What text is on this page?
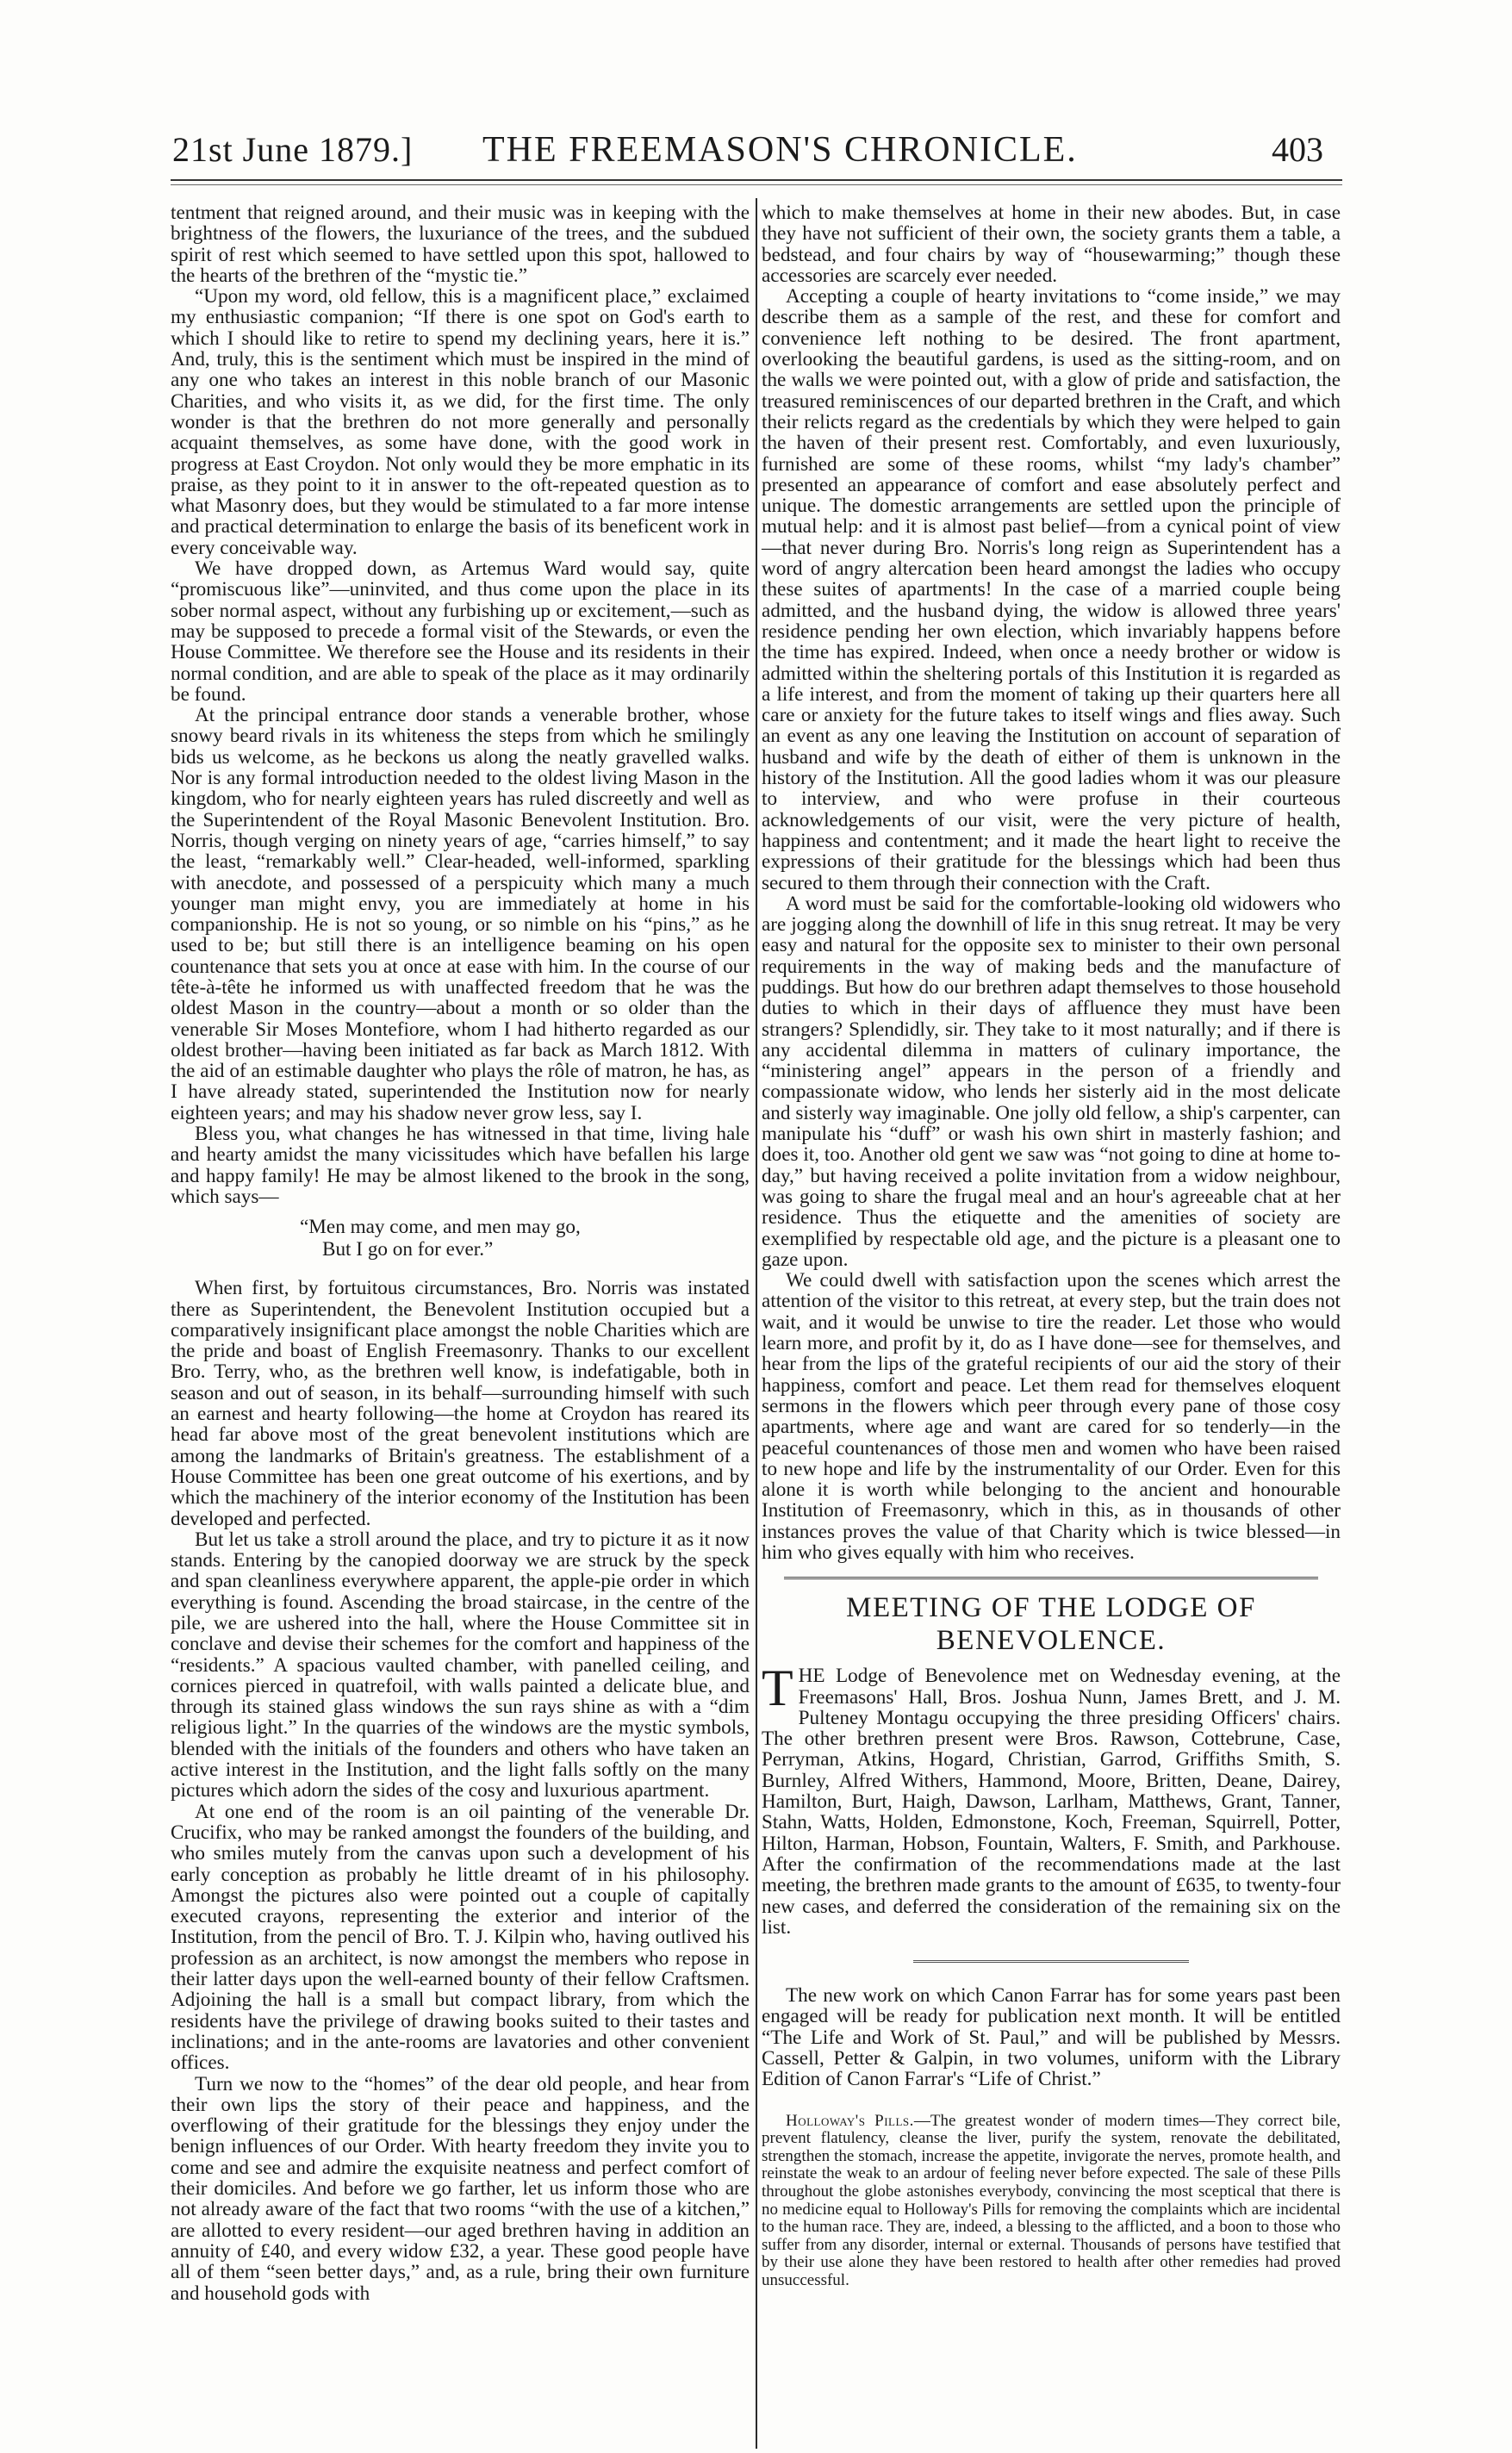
21st June 1879.] THE FREEMASON'S CHRONICLE.	403

tentment that reigned around, and their music was in keeping with the brightness of the flowers, the luxuriance of the trees, and the subdued spirit of rest which seemed to have settled upon this spot, hallowed to the hearts of the brethren of the “mystic tie.”

“Upon my word, old fellow, this is a magnificent place,” exclaimed my enthusiastic companion; “If there is one spot on God's earth to which I should like to retire to spend my declining years, here it is.” And, truly, this is the sentiment which must be inspired in the mind of any one who takes an interest in this noble branch of our Masonic Charities, and who visits it, as we did, for the first time. The only wonder is that the brethren do not more generally and personally acquaint themselves, as some have done, with the good work in progress at East Croydon. Not only would they be more emphatic in its praise, as they point to it in answer to the oft-repeated question as to what Masonry does, but they would be stimulated to a far more intense and practical determination to enlarge the basis of its beneficent work in every conceivable way.

We have dropped down, as Artemus Ward would say, quite “promiscuous like”—uninvited, and thus come upon the place in its sober normal aspect, without any furbishing up or excitement,—such as may be supposed to precede a formal visit of the Stewards, or even the House Committee. We therefore see the House and its residents in their normal condition, and are able to speak of the place as it may ordinarily be found.

At the principal entrance door stands a venerable brother, whose snowy beard rivals in its whiteness the steps from which he smilingly bids us welcome, as he beckons us along the neatly gravelled walks. Nor is any formal introduction needed to the oldest living Mason in the kingdom, who for nearly eighteen years has ruled discreetly and well as the Superintendent of the Royal Masonic Benevolent Institution. Bro. Norris, though verging on ninety years of age, “carries himself,” to say the least, “remarkably well.” Clear-headed, well-informed, sparkling with anecdote, and possessed of a perspicuity which many a much younger man might envy, you are immediately at home in his companionship. He is not so young, or so nimble on his “pins,” as he used to be; but still there is an intelligence beaming on his open countenance that sets you at once at ease with him. In the course of our tête-à-tête he informed us with unaffected freedom that he was the oldest Mason in the country—about a month or so older than the venerable Sir Moses Montefiore, whom I had hitherto regarded as our oldest brother—having been initiated as far back as March 1812. With the aid of an estimable daughter who plays the rôle of matron, he has, as I have already stated, superintended the Institution now for nearly eighteen years; and may his shadow never grow less, say I.

Bless you, what changes he has witnessed in that time, living hale and hearty amidst the many vicissitudes which have befallen his large and happy family! He may be almost likened to the brook in the song, which says—

“Men may come, and men may go,
But I go on for ever.”

When first, by fortuitous circumstances, Bro. Norris was instated there as Superintendent, the Benevolent Institution occupied but a comparatively insignificant place amongst the noble Charities which are the pride and boast of English Freemasonry. Thanks to our excellent Bro. Terry, who, as the brethren well know, is indefatigable, both in season and out of season, in its behalf—surrounding himself with such an earnest and hearty following—the home at Croydon has reared its head far above most of the great benevolent institutions which are among the landmarks of Britain's greatness. The establishment of a House Committee has been one great outcome of his exertions, and by which the machinery of the interior economy of the Institution has been developed and perfected.

But let us take a stroll around the place, and try to picture it as it now stands. Entering by the canopied doorway we are struck by the speck and span cleanliness everywhere apparent, the apple-pie order in which everything is found. Ascending the broad staircase, in the centre of the pile, we are ushered into the hall, where the House Committee sit in conclave and devise their schemes for the comfort and happiness of the “residents.” A spacious vaulted chamber, with panelled ceiling, and cornices pierced in quatrefoil, with walls painted a delicate blue, and through its stained glass windows the sun rays shine as with a “dim religious light.” In the quarries of the windows are the mystic symbols, blended with the initials of the founders and others who have taken an active interest in the Institution, and the light falls softly on the many pictures which adorn the sides of the cosy and luxurious apartment.

At one end of the room is an oil painting of the venerable Dr. Crucifix, who may be ranked amongst the founders of the building, and who smiles mutely from the canvas upon such a development of his early conception as probably he little dreamt of in his philosophy. Amongst the pictures also were pointed out a couple of capitally executed crayons, representing the exterior and interior of the Institution, from the pencil of Bro. T. J. Kilpin who, having outlived his profession as an architect, is now amongst the members who repose in their latter days upon the well-earned bounty of their fellow Craftsmen. Adjoining the hall is a small but compact library, from which the residents have the privilege of drawing books suited to their tastes and inclinations; and in the ante-rooms are lavatories and other convenient offices.

Turn we now to the “homes” of the dear old people, and hear from their own lips the story of their peace and happiness, and the overflowing of their gratitude for the blessings they enjoy under the benign influences of our Order. With hearty freedom they invite you to come and see and admire the exquisite neatness and perfect comfort of their domiciles. And before we go farther, let us inform those who are not already aware of the fact that two rooms “with the use of a kitchen,” are allotted to every resident—our aged brethren having in addition an annuity of £40, and every widow £32, a year. These good people have all of them “seen better days,” and, as a rule, bring their own furniture and household gods with

which to make themselves at home in their new abodes. But, in case they have not sufficient of their own, the society grants them a table, a bedstead, and four chairs by way of “housewarming;” though these accessories are scarcely ever needed.

Accepting a couple of hearty invitations to “come inside,” we may describe them as a sample of the rest, and these for comfort and convenience left nothing to be desired. The front apartment, overlooking the beautiful gardens, is used as the sitting-room, and on the walls we were pointed out, with a glow of pride and satisfaction, the treasured reminiscences of our departed brethren in the Craft, and which their relicts regard as the credentials by which they were helped to gain the haven of their present rest. Comfortably, and even luxuriously, furnished are some of these rooms, whilst “my lady's chamber” presented an appearance of comfort and ease absolutely perfect and unique. The domestic arrangements are settled upon the principle of mutual help: and it is almost past belief—from a cynical point of view—that never during Bro. Norris's long reign as Superintendent has a word of angry altercation been heard amongst the ladies who occupy these suites of apartments! In the case of a married couple being admitted, and the husband dying, the widow is allowed three years' residence pending her own election, which invariably happens before the time has expired. Indeed, when once a needy brother or widow is admitted within the sheltering portals of this Institution it is regarded as a life interest, and from the moment of taking up their quarters here all care or anxiety for the future takes to itself wings and flies away. Such an event as any one leaving the Institution on account of separation of husband and wife by the death of either of them is unknown in the history of the Institution. All the good ladies whom it was our pleasure to interview, and who were profuse in their courteous acknowledgements of our visit, were the very picture of health, happiness and contentment; and it made the heart light to receive the expressions of their gratitude for the blessings which had been thus secured to them through their connection with the Craft.

A word must be said for the comfortable-looking old widowers who are jogging along the downhill of life in this snug retreat. It may be very easy and natural for the opposite sex to minister to their own personal requirements in the way of making beds and the manufacture of puddings. But how do our brethren adapt themselves to those household duties to which in their days of affluence they must have been strangers? Splendidly, sir. They take to it most naturally; and if there is any accidental dilemma in matters of culinary importance, the “ministering angel” appears in the person of a friendly and compassionate widow, who lends her sisterly aid in the most delicate and sisterly way imaginable. One jolly old fellow, a ship's carpenter, can manipulate his “duff” or wash his own shirt in masterly fashion; and does it, too. Another old gent we saw was “not going to dine at home to-day,” but having received a polite invitation from a widow neighbour, was going to share the frugal meal and an hour's agreeable chat at her residence. Thus the etiquette and the amenities of society are exemplified by respectable old age, and the picture is a pleasant one to gaze upon.

We could dwell with satisfaction upon the scenes which arrest the attention of the visitor to this retreat, at every step, but the train does not wait, and it would be unwise to tire the reader. Let those who would learn more, and profit by it, do as I have done—see for themselves, and hear from the lips of the grateful recipients of our aid the story of their happiness, comfort and peace. Let them read for themselves eloquent sermons in the flowers which peer through every pane of those cosy apartments, where age and want are cared for so tenderly—in the peaceful countenances of those men and women who have been raised to new hope and life by the instrumentality of our Order. Even for this alone it is worth while belonging to the ancient and honourable Institution of Freemasonry, which in this, as in thousands of other instances proves the value of that Charity which is twice blessed—in him who gives equally with him who receives.

MEETING OF THE LODGE OF BENEVOLENCE.

THE Lodge of Benevolence met on Wednesday evening, at the Freemasons' Hall, Bros. Joshua Nunn, James Brett, and J. M. Pulteney Montagu occupying the three presiding Officers' chairs. The other brethren present were Bros. Rawson, Cottebrune, Case, Perryman, Atkins, Hogard, Christian, Garrod, Griffiths Smith, S. Burnley, Alfred Withers, Hammond, Moore, Britten, Deane, Dairey, Hamilton, Burt, Haigh, Dawson, Larlham, Matthews, Grant, Tanner, Stahn, Watts, Holden, Edmonstone, Koch, Freeman, Squirrell, Potter, Hilton, Harman, Hobson, Fountain, Walters, F. Smith, and Parkhouse. After the confirmation of the recommendations made at the last meeting, the brethren made grants to the amount of £635, to twenty-four new cases, and deferred the consideration of the remaining six on the list.

The new work on which Canon Farrar has for some years past been engaged will be ready for publication next month. It will be entitled “The Life and Work of St. Paul,” and will be published by Messrs. Cassell, Petter & Galpin, in two volumes, uniform with the Library Edition of Canon Farrar's “Life of Christ.”

Holloway's Pills.—The greatest wonder of modern times—They correct bile, prevent flatulency, cleanse the liver, purify the system, renovate the debilitated, strengthen the stomach, increase the appetite, invigorate the nerves, promote health, and reinstate the weak to an ardour of feeling never before expected. The sale of these Pills throughout the globe astonishes everybody, convincing the most sceptical that there is no medicine equal to Holloway's Pills for removing the complaints which are incidental to the human race. They are, indeed, a blessing to the afflicted, and a boon to those who suffer from any disorder, internal or external. Thousands of persons have testified that by their use alone they have been restored to health after other remedies had proved unsuccessful.
